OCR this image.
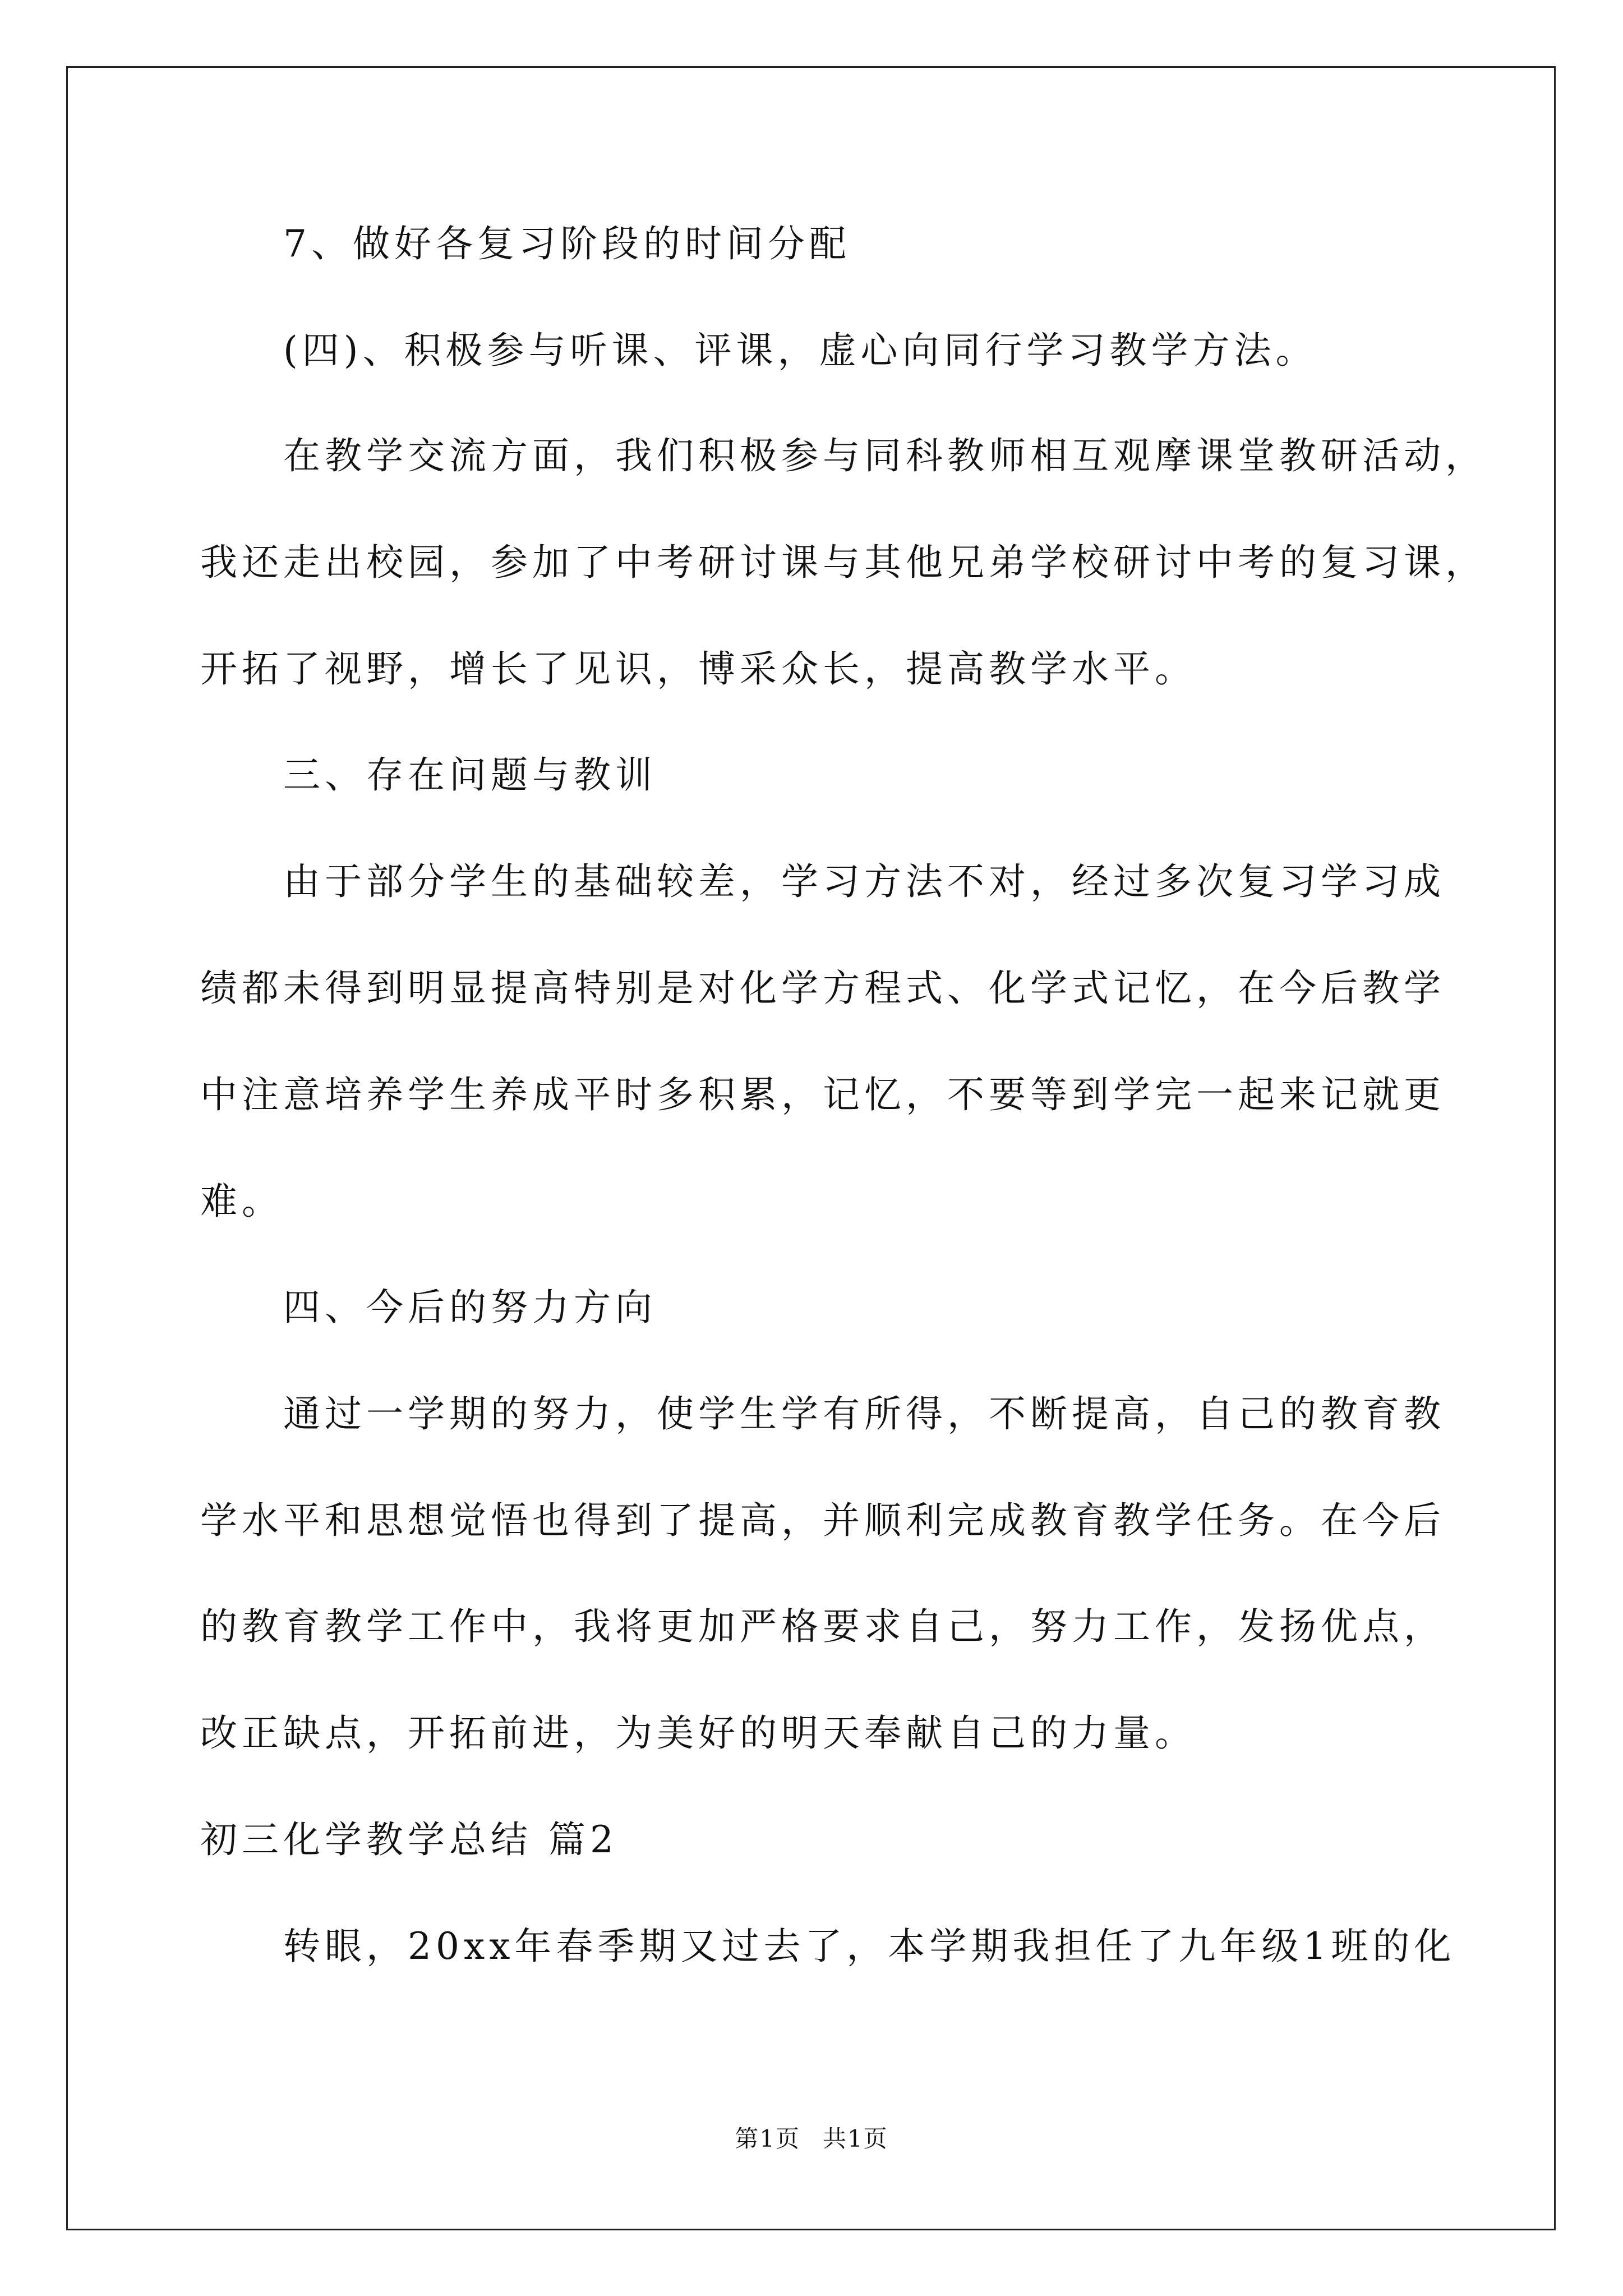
7、做好各复习阶段的时间分配
(四)、积极参与听课、评课，虚心向同行学习教学方法。
在教学交流方面，我们积极参与同科教师相互观摩课堂教研活动，
我还走出校园，参加了中考研讨课与其他兄弟学校研讨中考的复习课，
开拓了视野，增长了见识，博采众长，提高教学水平。
三、存在问题与教训
由于部分学生的基础较差，学习方法不对，经过多次复习学习成
绩都未得到明显提高特别是对化学方程式、化学式记忆，在今后教学
中注意培养学生养成平时多积累，记忆，不要等到学完一起来记就更
难。
四、今后的努力方向
通过一学期的努力，使学生学有所得，不断提高，自己的教育教
学水平和思想觉悟也得到了提高，并顺利完成教育教学任务。在今后
的教育教学工作中，我将更加严格要求自己，努力工作，发扬优点，
改正缺点，开拓前进，为美好的明天奉献自己的力量。
初三化学教学总结 篇2
转眼，20xx年春季期又过去了，本学期我担任了九年级1班的化
第1页 共1页
